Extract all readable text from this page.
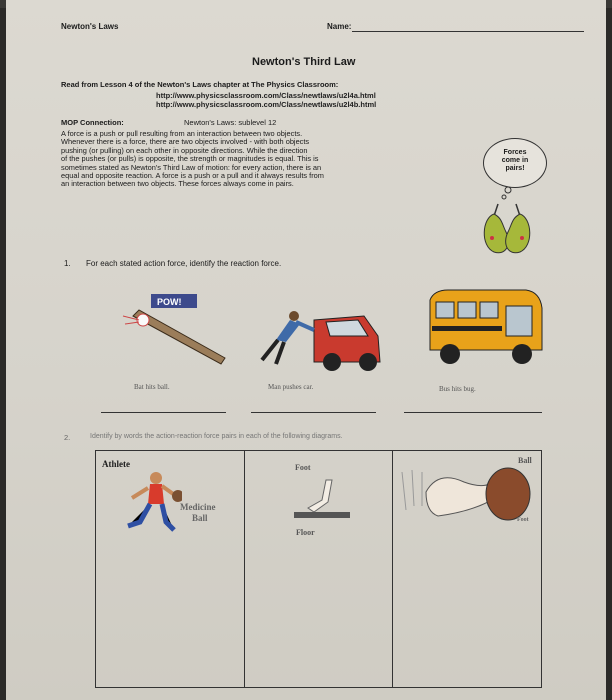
Newton's Laws	Name:
Newton's Third Law
Read from Lesson 4 of the Newton's Laws chapter at The Physics Classroom:
http://www.physicsclassroom.com/Class/newtlaws/u2l4a.html
http://www.physicsclassroom.com/Class/newtlaws/u2l4b.html
MOP Connection:	Newton's Laws: sublevel 12
A force is a push or pull resulting from an interaction between two objects.
Whenever there is a force, there are two objects involved - with both objects
pushing (or pulling) on each other in opposite directions. While the direction
of the pushes (or pulls) is opposite, the strength or magnitudes is equal. This is
sometimes stated as Newton's Third Law of motion: for every action, there is an
equal and opposite reaction. A force is a push or a pull and it always results from
an interaction between two objects. These forces always come in pairs.
Forces
come in
pairs!
1. For each stated action force, identify the reaction force.
POW!
Bat hits ball.	Man pushes car.	Bus hits bug.
2.	Identify by words the action-reaction force pairs in each of the following diagrams.
Athlete
Medicine
Ball
Foot
Floor
Ball
Foot
